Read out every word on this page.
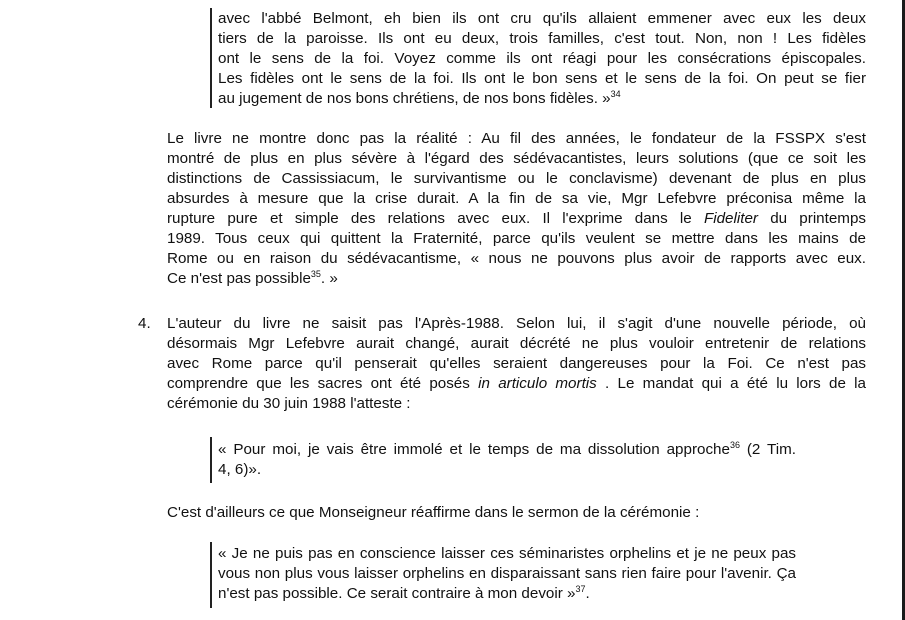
avec l'abbé Belmont, eh bien ils ont cru qu'ils allaient emmener avec eux les deux
tiers de la paroisse. Ils ont eu deux, trois familles, c'est tout. Non, non ! Les fidèles
ont le sens de la foi. Voyez comme ils ont réagi pour les consécrations épiscopales.
Les fidèles ont le sens de la foi. Ils ont le bon sens et le sens de la foi. On peut se fier
au jugement de nos bons chrétiens, de nos bons fidèles. »$^{34}$
Le livre ne montre donc pas la réalité : Au fil des années, le fondateur de la FSSPX s'est
montré de plus en plus sévère à l'égard des sédévacantistes, leurs solutions (que ce soit les
distinctions de Cassissiacum, le survivantisme ou le conclavisme) devenant de plus en plus
absurdes à mesure que la crise durait. A la fin de sa vie, Mgr Lefebvre préconisa même la
rupture pure et simple des relations avec eux. Il l'exprime dans le Fideliter du printemps
1989. Tous ceux qui quittent la Fraternité, parce qu'ils veulent se mettre dans les mains de
Rome ou en raison du sédévacantisme, « nous ne pouvons plus avoir de rapports avec eux.
Ce n'est pas possible$^{35}$. »
4. L'auteur du livre ne saisit pas l'Après-1988. Selon lui, il s'agit d'une nouvelle période, où
désormais Mgr Lefebvre aurait changé, aurait décrété ne plus vouloir entretenir de relations
avec Rome parce qu'il penserait qu'elles seraient dangereuses pour la Foi. Ce n'est pas
comprendre que les sacres ont été posés in articulo mortis . Le mandat qui a été lu lors de la
cérémonie du 30 juin 1988 l'atteste :
« Pour moi, je vais être immolé et le temps de ma dissolution approche$^{36}$ (2 Tim.
4, 6)».
C'est d'ailleurs ce que Monseigneur réaffirme dans le sermon de la cérémonie :
« Je ne puis pas en conscience laisser ces séminaristes orphelins et je ne peux pas
vous non plus vous laisser orphelins en disparaissant sans rien faire pour l'avenir. Ça
n'est pas possible. Ce serait contraire à mon devoir »$^{37}$.
